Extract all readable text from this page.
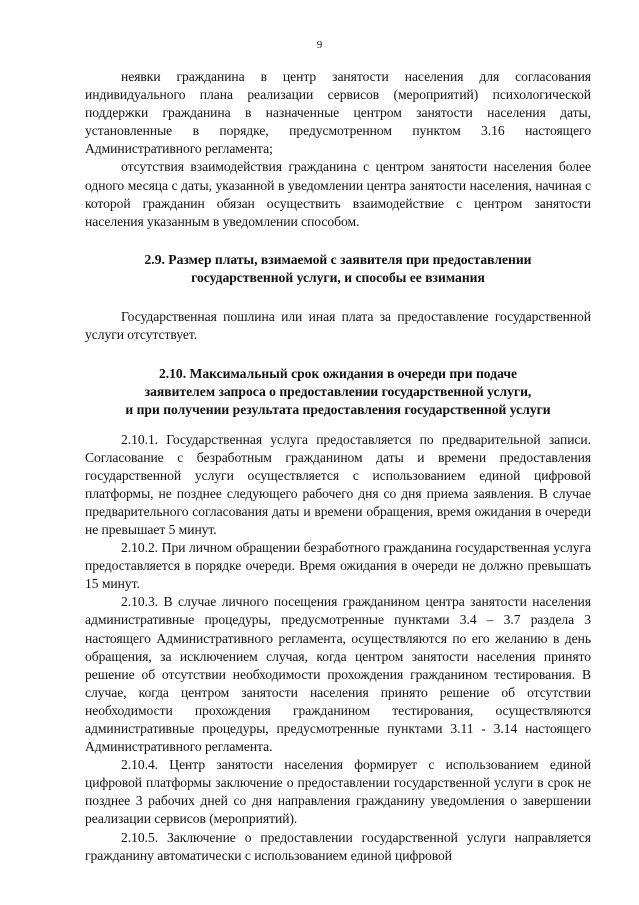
9

неявки гражданина в центр занятости населения для согласования индивидуального плана реализации сервисов (мероприятий) психологической поддержки гражданина в назначенные центром занятости населения даты, установленные в порядке, предусмотренном пунктом 3.16 настоящего Административного регламента;

отсутствия взаимодействия гражданина с центром занятости населения более одного месяца с даты, указанной в уведомлении центра занятости населения, начиная с которой гражданин обязан осуществить взаимодействие с центром занятости населения указанным в уведомлении способом.

2.9. Размер платы, взимаемой с заявителя при предоставлении
государственной услуги, и способы ее взимания

Государственная пошлина или иная плата за предоставление государственной услуги отсутствует.

2.10. Максимальный срок ожидания в очереди при подаче
заявителем запроса о предоставлении государственной услуги,
и при получении результата предоставления государственной услуги

2.10.1. Государственная услуга предоставляется по предварительной записи. Согласование с безработным гражданином даты и времени предоставления государственной услуги осуществляется с использованием единой цифровой платформы, не позднее следующего рабочего дня со дня приема заявления. В случае предварительного согласования даты и времени обращения, время ожидания в очереди не превышает 5 минут.

2.10.2. При личном обращении безработного гражданина государственная услуга предоставляется в порядке очереди. Время ожидания в очереди не должно превышать 15 минут.

2.10.3. В случае личного посещения гражданином центра занятости населения административные процедуры, предусмотренные пунктами 3.4 – 3.7 раздела 3 настоящего Административного регламента, осуществляются по его желанию в день обращения, за исключением случая, когда центром занятости населения принято решение об отсутствии необходимости прохождения гражданином тестирования. В случае, когда центром занятости населения принято решение об отсутствии необходимости прохождения гражданином тестирования, осуществляются административные процедуры, предусмотренные пунктами 3.11 - 3.14 настоящего Административного регламента.

2.10.4. Центр занятости населения формирует с использованием единой цифровой платформы заключение о предоставлении государственной услуги в срок не позднее 3 рабочих дней со дня направления гражданину уведомления о завершении реализации сервисов (мероприятий).

2.10.5. Заключение о предоставлении государственной услуги направляется гражданину автоматически с использованием единой цифровой
